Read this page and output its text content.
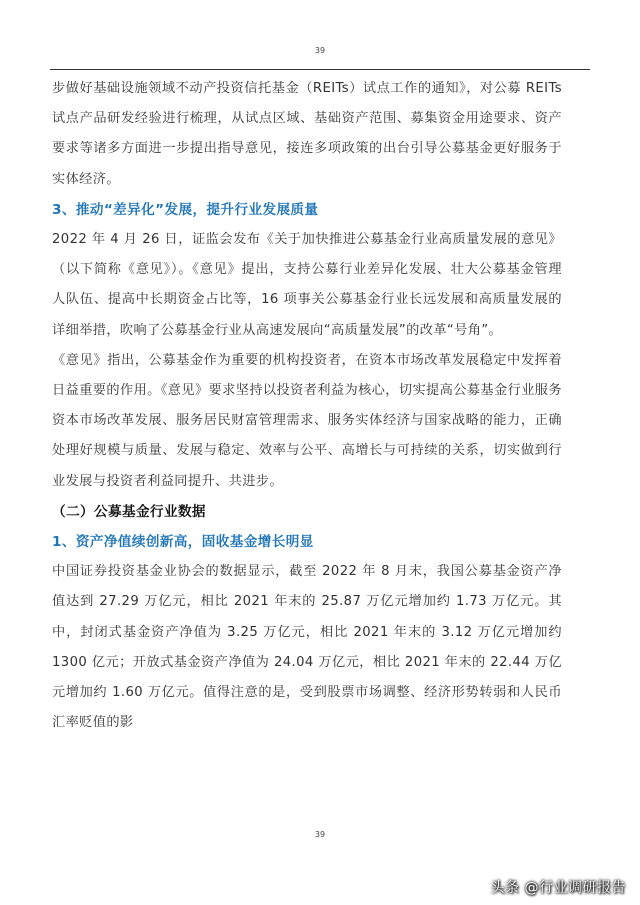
39

步做好基础设施领域不动产投资信托基金（REITs）试点工作的通知》，对公募 REITs 试点产品研发经验进行梳理，从试点区域、基础资产范围、募集资金用途要求、资产要求等诸多方面进一步提出指导意见，接连多项政策的出台引导公募基金更好服务于实体经济。

3、推动“差异化”发展，提升行业发展质量

2022 年 4 月 26 日，证监会发布《关于加快推进公募基金行业高质量发展的意见》（以下简称《意见》）。《意见》提出，支持公募行业差异化发展、壮大公募基金管理人队伍、提高中长期资金占比等，16 项事关公募基金行业长远发展和高质量发展的详细举措，吹响了公募基金行业从高速发展向“高质量发展”的改革“号角”。

《意见》指出，公募基金作为重要的机构投资者，在资本市场改革发展稳定中发挥着日益重要的作用。《意见》要求坚持以投资者利益为核心，切实提高公募基金行业服务资本市场改革发展、服务居民财富管理需求、服务实体经济与国家战略的能力，正确处理好规模与质量、发展与稳定、效率与公平、高增长与可持续的关系，切实做到行业发展与投资者利益同提升、共进步。

（二）公募基金行业数据

1、资产净值续创新高，固收基金增长明显

中国证券投资基金业协会的数据显示，截至 2022 年 8 月末，我国公募基金资产净值达到 27.29 万亿元，相比 2021 年末的 25.87 万亿元增加约 1.73 万亿元。其中，封闭式基金资产净值为 3.25 万亿元，相比 2021 年末的 3.12 万亿元增加约 1300 亿元；开放式基金资产净值为 24.04 万亿元，相比 2021 年末的 22.44 万亿元增加约 1.60 万亿元。值得注意的是，受到股票市场调整、经济形势转弱和人民币汇率贬值的影

39
头条 @行业调研报告
